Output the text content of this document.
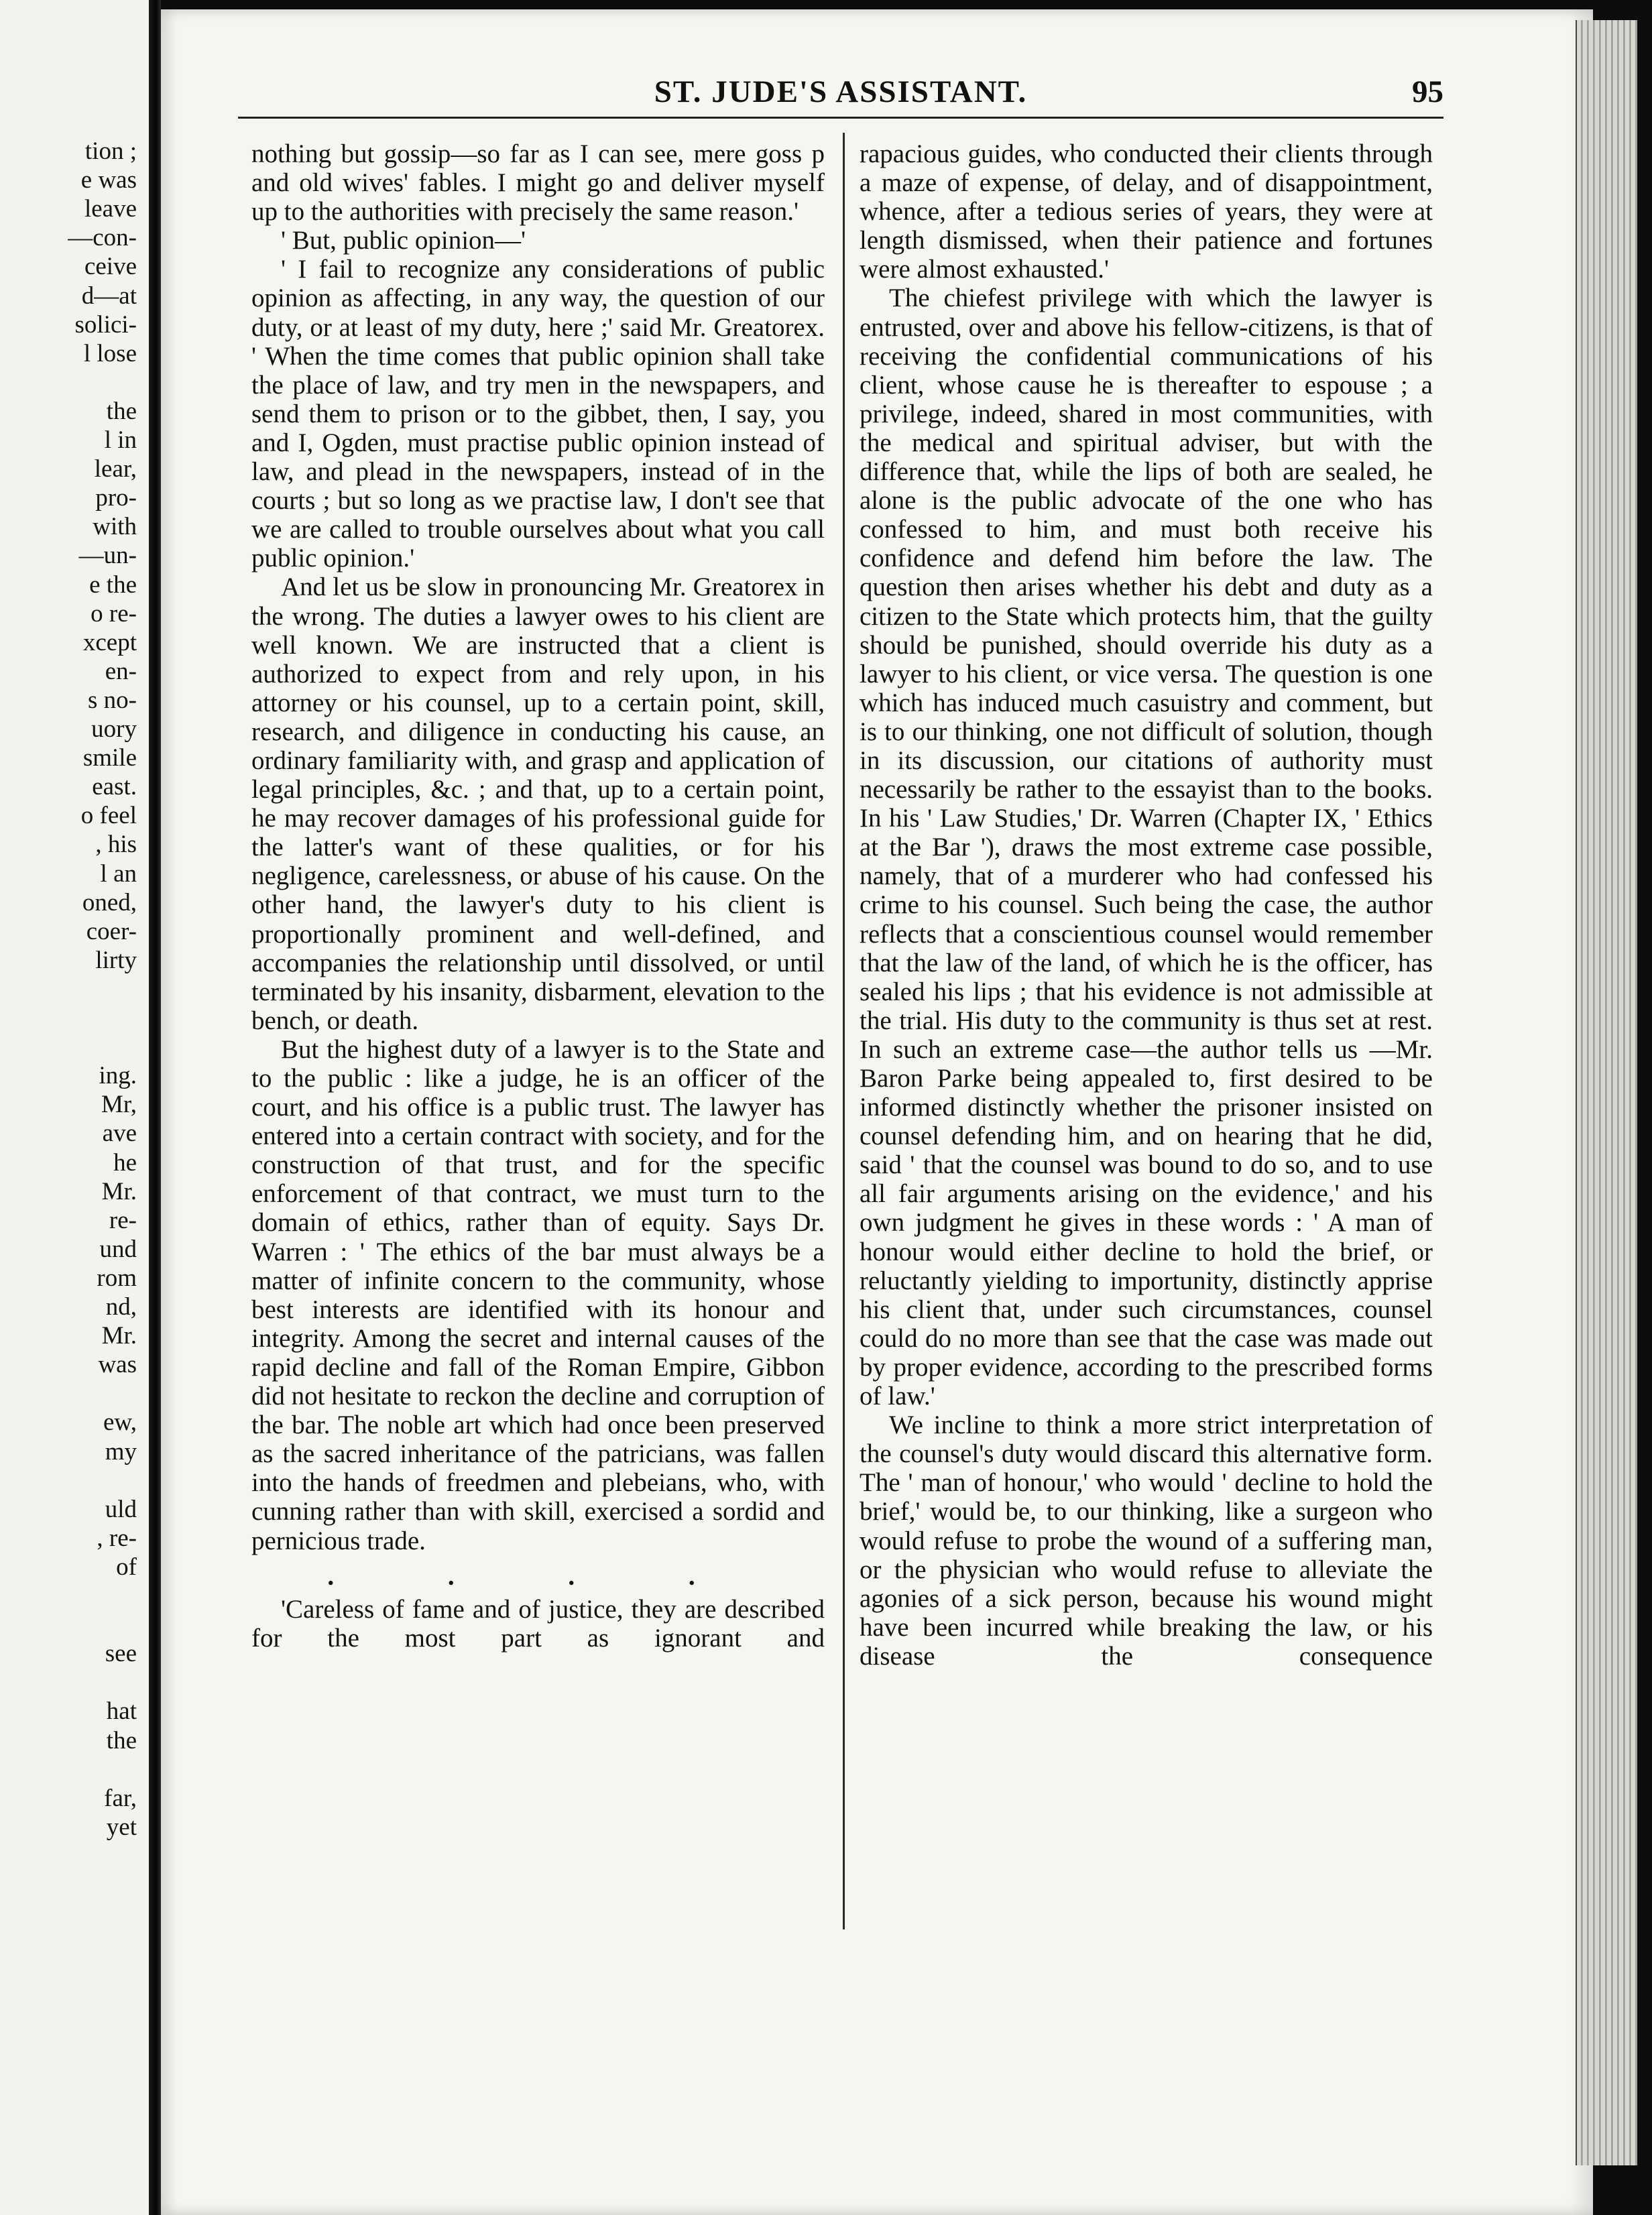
tion ;
e was
leave
—con-
ceive
d—at
solici-
l lose
the
l in
lear,
pro-
with
—un-
e the
o re-
xcept
en-
s no-
uory
smile
east.
o feel
, his
l an
oned,
coer-
lirty
ing.
Mr,
ave
he
Mr.
re-
und
rom
nd,
Mr.
was
ew,
my
uld
, re-
of
see
hat
the
far,
yet
ST. JUDE'S ASSISTANT.	95

nothing but gossip—so far as I can see, mere goss p and old wives' fables. I might go and deliver myself up to the authorities with precisely the same reason.'

' But, public opinion—'

' I fail to recognize any considerations of public opinion as affecting, in any way, the question of our duty, or at least of my duty, here ;' said Mr. Greatorex. ' When the time comes that public opinion shall take the place of law, and try men in the newspapers, and send them to prison or to the gibbet, then, I say, you and I, Ogden, must practise public opinion instead of law, and plead in the newspapers, instead of in the courts ; but so long as we practise law, I don't see that we are called to trouble ourselves about what you call public opinion.'

And let us be slow in pronouncing Mr. Greatorex in the wrong. The duties a lawyer owes to his client are well known. We are instructed that a client is authorized to expect from and rely upon, in his attorney or his counsel, up to a certain point, skill, research, and diligence in conducting his cause, an ordinary familiarity with, and grasp and application of legal principles, &c. ; and that, up to a certain point, he may recover damages of his professional guide for the latter's want of these qualities, or for his negligence, carelessness, or abuse of his cause. On the other hand, the lawyer's duty to his client is proportionally prominent and well-defined, and accompanies the relationship until dissolved, or until terminated by his insanity, disbarment, elevation to the bench, or death.

But the highest duty of a lawyer is to the State and to the public : like a judge, he is an officer of the court, and his office is a public trust. The lawyer has entered into a certain contract with society, and for the construction of that trust, and for the specific enforcement of that contract, we must turn to the domain of ethics, rather than of equity. Says Dr. Warren : ' The ethics of the bar must always be a matter of infinite concern to the community, whose best interests are identified with its honour and integrity. Among the secret and internal causes of the rapid decline and fall of the Roman Empire, Gibbon did not hesitate to reckon the decline and corruption of the bar. The noble art which had once been preserved as the sacred inheritance of the patricians, was fallen into the hands of freedmen and plebeians, who, with cunning rather than with skill, exercised a sordid and pernicious trade.

. . . .

'Careless of fame and of justice, they are described for the most part as ignorant and

rapacious guides, who conducted their clients through a maze of expense, of delay, and of disappointment, whence, after a tedious series of years, they were at length dismissed, when their patience and fortunes were almost exhausted.'

The chiefest privilege with which the lawyer is entrusted, over and above his fellow-citizens, is that of receiving the confidential communications of his client, whose cause he is thereafter to espouse ; a privilege, indeed, shared in most communities, with the medical and spiritual adviser, but with the difference that, while the lips of both are sealed, he alone is the public advocate of the one who has confessed to him, and must both receive his confidence and defend him before the law. The question then arises whether his debt and duty as a citizen to the State which protects him, that the guilty should be punished, should override his duty as a lawyer to his client, or vice versa. The question is one which has induced much casuistry and comment, but is to our thinking, one not difficult of solution, though in its discussion, our citations of authority must necessarily be rather to the essayist than to the books. In his ' Law Studies,' Dr. Warren (Chapter IX, ' Ethics at the Bar '), draws the most extreme case possible, namely, that of a murderer who had confessed his crime to his counsel. Such being the case, the author reflects that a conscientious counsel would remember that the law of the land, of which he is the officer, has sealed his lips ; that his evidence is not admissible at the trial. His duty to the community is thus set at rest. In such an extreme case—the author tells us —Mr. Baron Parke being appealed to, first desired to be informed distinctly whether the prisoner insisted on counsel defending him, and on hearing that he did, said ' that the counsel was bound to do so, and to use all fair arguments arising on the evidence,' and his own judgment he gives in these words : ' A man of honour would either decline to hold the brief, or reluctantly yielding to importunity, distinctly apprise his client that, under such circumstances, counsel could do no more than see that the case was made out by proper evidence, according to the prescribed forms of law.'

We incline to think a more strict interpretation of the counsel's duty would discard this alternative form. The ' man of honour,' who would ' decline to hold the brief,' would be, to our thinking, like a surgeon who would refuse to probe the wound of a suffering man, or the physician who would refuse to alleviate the agonies of a sick person, because his wound might have been incurred while breaking the law, or his disease the consequence
